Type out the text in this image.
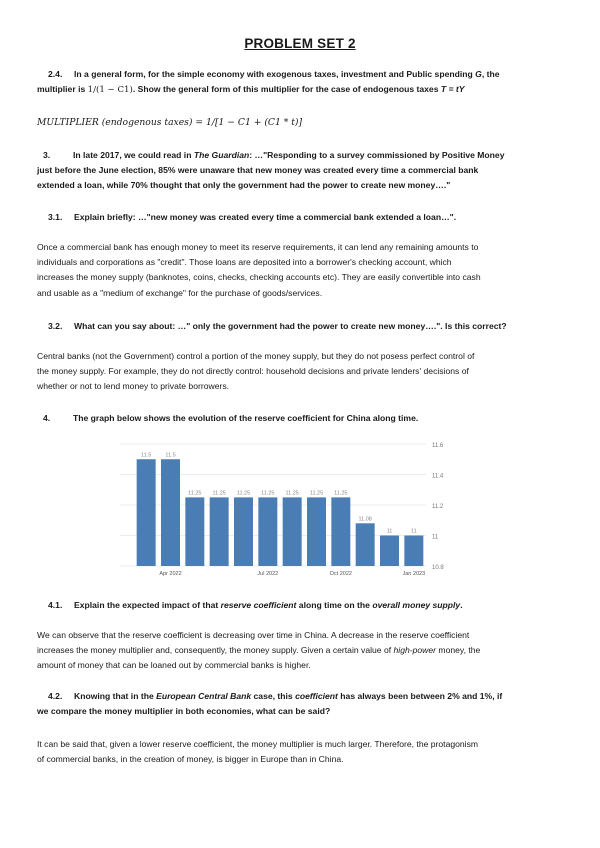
PROBLEM SET 2
2.4. In a general form, for the simple economy with exogenous taxes, investment and Public spending G, the
multiplier is 1/(1 − C1). Show the general form of this multiplier for the case of endogenous taxes T = tY
MULTIPLIER (endogenous taxes) = 1/[1 − C1 + (C1 * t)]
3.	In late 2017, we could read in The Guardian: …"Responding to a survey commissioned by Positive Money
just before the June election, 85% were unaware that new money was created every time a commercial bank
extended a loan, while 70% thought that only the government had the power to create new money…."
3.1. Explain briefly: …"new money was created every time a commercial bank extended a loan…".
Once a commercial bank has enough money to meet its reserve requirements, it can lend any remaining amounts to
individuals and corporations as "credit". Those loans are deposited into a borrower's checking account, which
increases the money supply (banknotes, coins, checks, checking accounts etc). They are easily convertible into cash
and usable as a "medium of exchange" for the purchase of goods/services.
3.2. What can you say about: …" only the government had the power to create new money….". Is this correct?
Central banks (not the Government) control a portion of the money supply, but they do not posess perfect control of
the money supply. For example, they do not directly control: household decisions and private lenders' decisions of
whether or not to lend money to private borrowers.
4.	The graph below shows the evolution of the reserve coefficient for China along time.
10.8
11
11.2
11.4
11.6
11.5	11.5
11.25 11.25 11.25 11.25 11.25 11.25 11.25
11.08
11	11
Apr 2022	Jul 2022	Oct 2022	Jan 2023
4.1. Explain the expected impact of that reserve coefficient along time on the overall money supply.
We can observe that the reserve coefficient is decreasing over time in China. A decrease in the reserve coefficient
increases the money multiplier and, consequently, the money supply. Given a certain value of high-power money, the
amount of money that can be loaned out by commercial banks is higher.
4.2. Knowing that in the European Central Bank case, this coefficient has always been between 2% and 1%, if
we compare the money multiplier in both economies, what can be said?
It can be said that, given a lower reserve coefficient, the money multiplier is much larger. Therefore, the protagonism
of commercial banks, in the creation of money, is bigger in Europe than in China.
